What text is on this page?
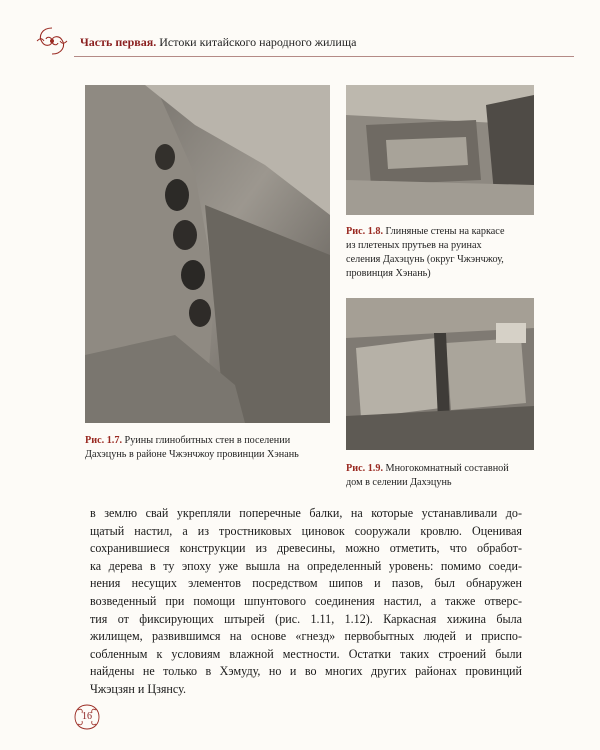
Часть первая. Истоки китайского народного жилища
Рис. 1.7. Руины глинобитных стен в поселении
Дахэцунь в районе Чжэнчжоу провинции Хэнань
Рис. 1.8. Глиняные стены на каркасе
из плетеных прутьев на руинах
селения Дахэцунь (округ Чжэнчжоу,
провинция Хэнань)
Рис. 1.9. Многокомнатный составной
дом в селении Дахэцунь
в землю свай укрепляли поперечные балки, на которые устанавливали до-
щатый настил, а из тростниковых циновок сооружали кровлю. Оценивая
сохранившиеся конструкции из древесины, можно отметить, что обработ-
ка дерева в ту эпоху уже вышла на определенный уровень: помимо соеди-
нения несущих элементов посредством шипов и пазов, был обнаружен
возведенный при помощи шпунтового соединения настил, а также отверс-
тия от фиксирующих штырей (рис. 1.11, 1.12). Каркасная хижина была
жилищем, развившимся на основе «гнезд» первобытных людей и приспо-
собленным к условиям влажной местности. Остатки таких строений были
найдены не только в Хэмуду, но и во многих других районах провинций
Чжэцзян и Цзянсу.
16
